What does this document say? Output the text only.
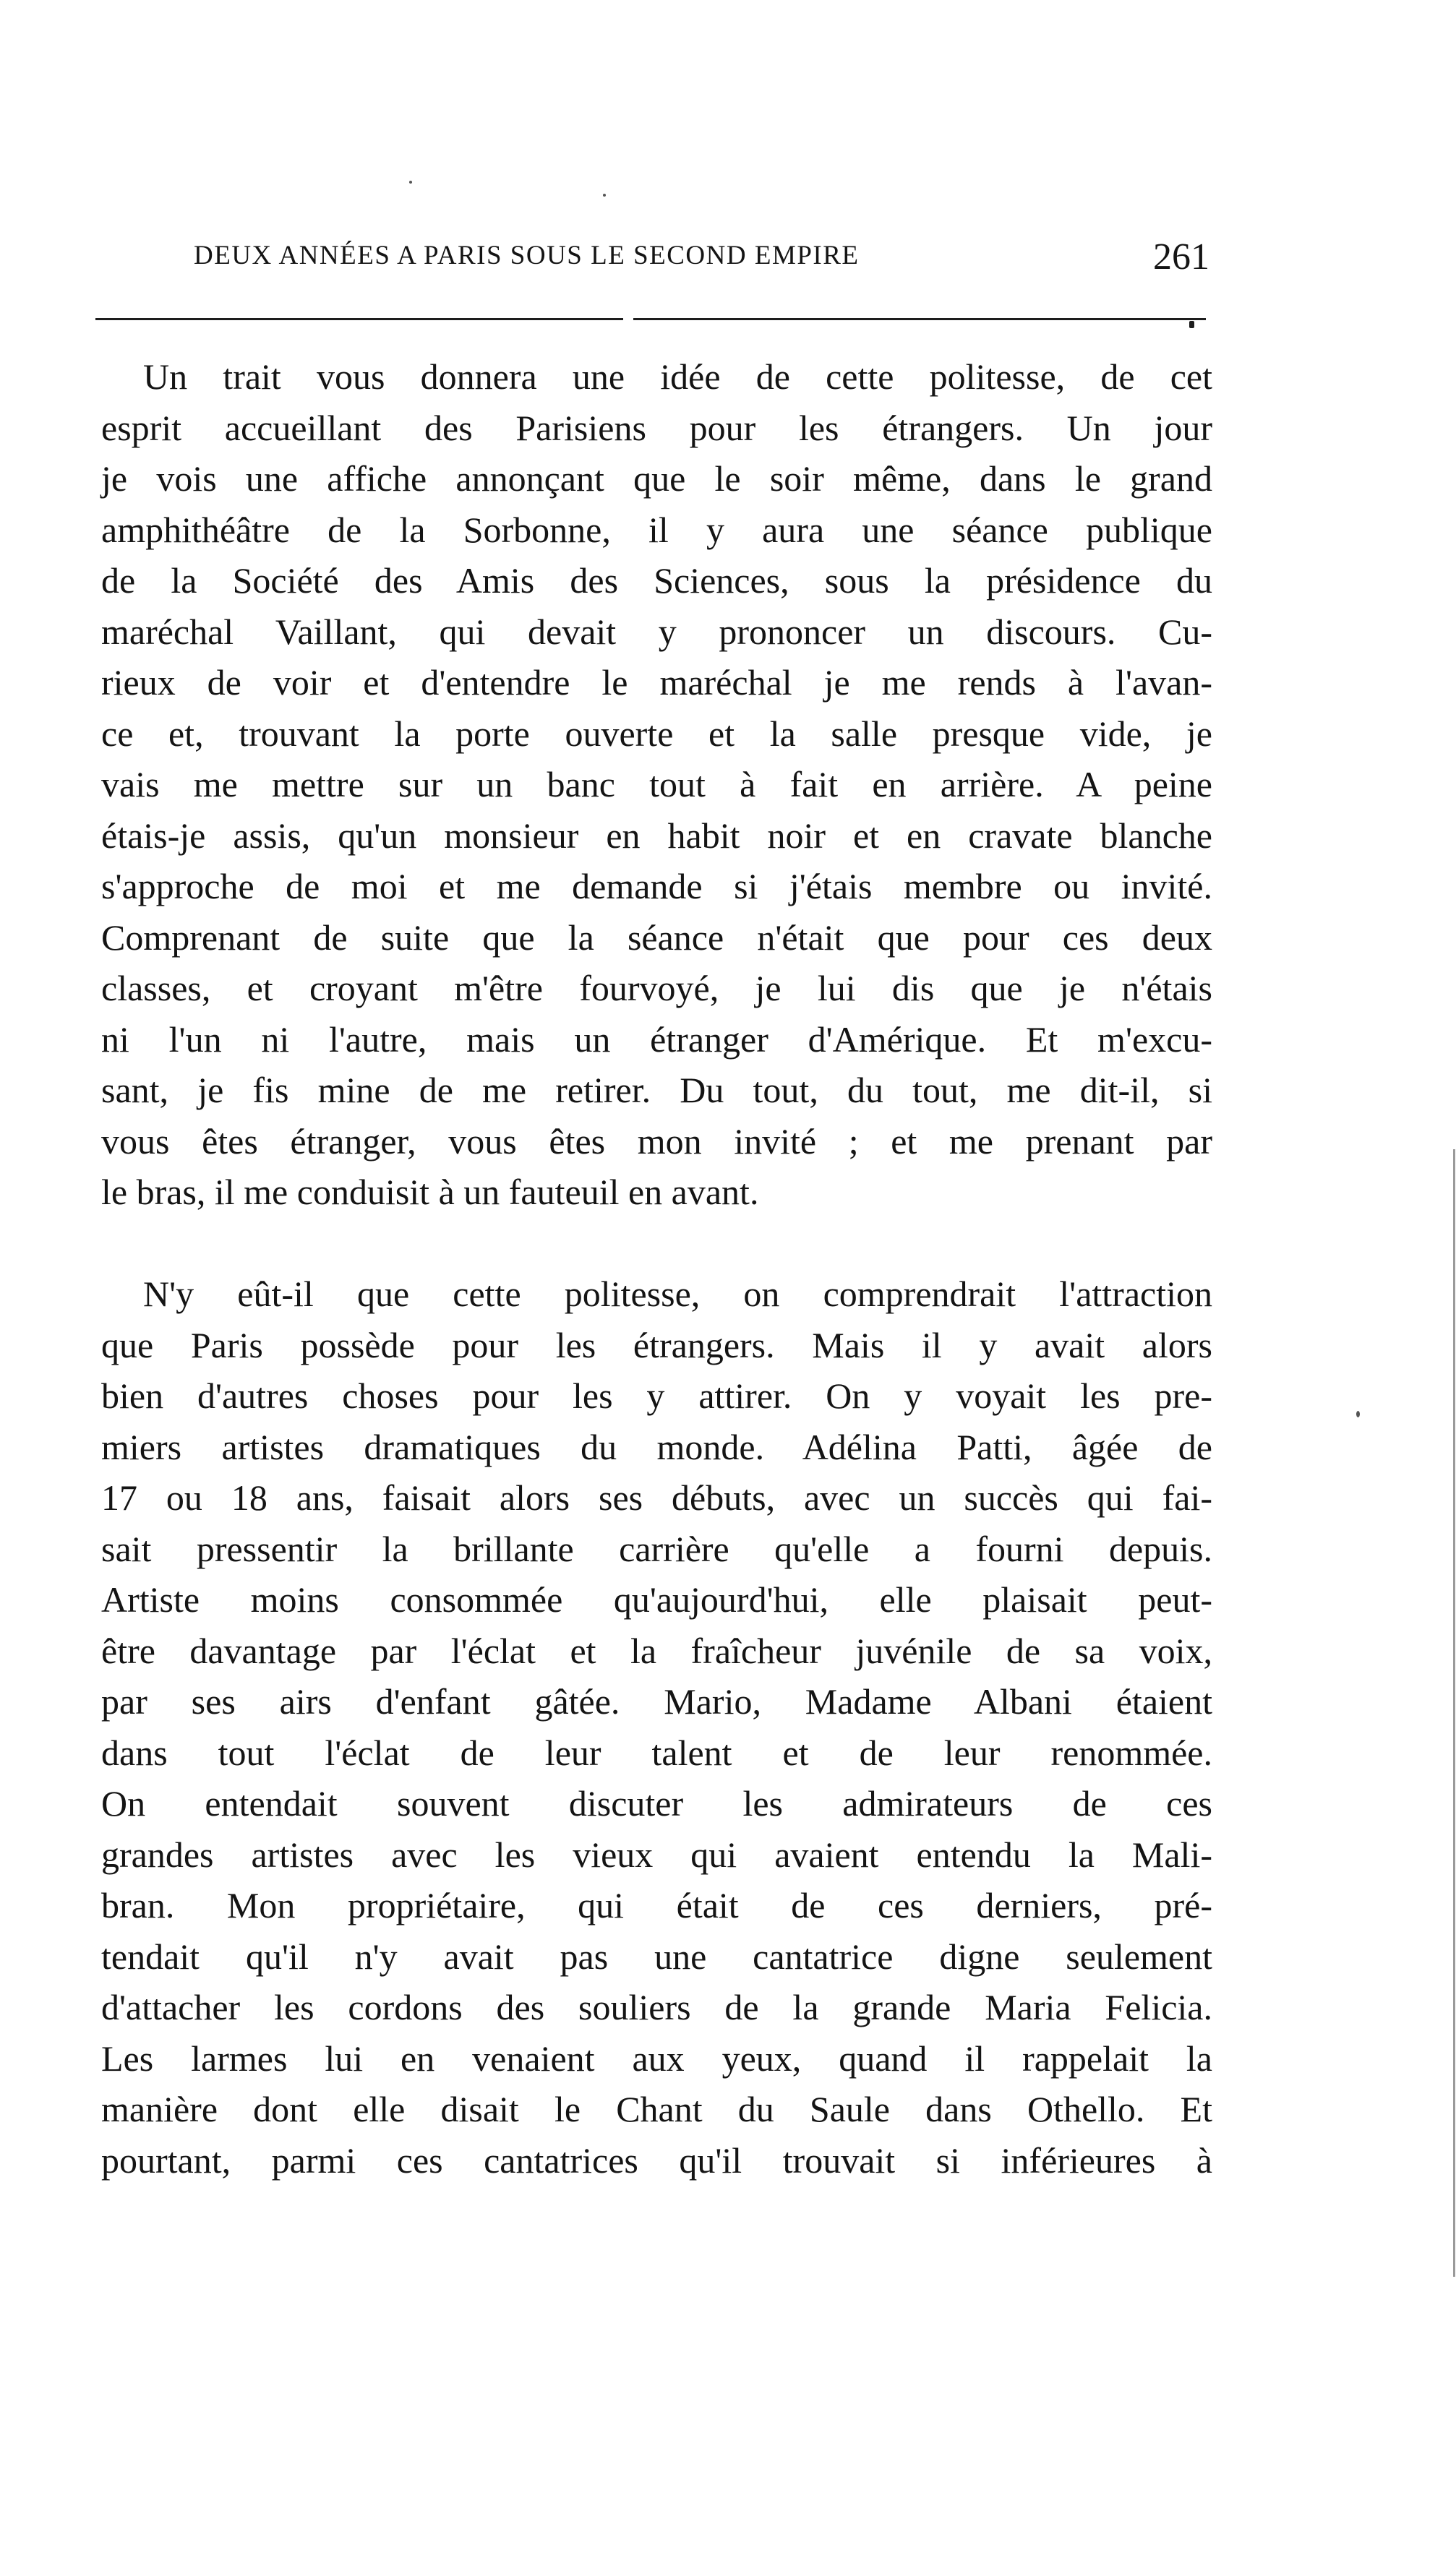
DEUX ANNÉES A PARIS SOUS LE SECOND EMPIRE	261
Un trait vous donnera une idée de cette politesse, de cet
esprit accueillant des Parisiens pour les étrangers. Un jour
je vois une affiche annonçant que le soir même, dans le grand
amphithéâtre de la Sorbonne, il y aura une séance publique
de la Société des Amis des Sciences, sous la présidence du
maréchal Vaillant, qui devait y prononcer un discours. Cu-
rieux de voir et d'entendre le maréchal je me rends à l'avan-
ce et, trouvant la porte ouverte et la salle presque vide, je
vais me mettre sur un banc tout à fait en arrière. A peine
étais-je assis, qu'un monsieur en habit noir et en cravate blanche
s'approche de moi et me demande si j'étais membre ou invité.
Comprenant de suite que la séance n'était que pour ces deux
classes, et croyant m'être fourvoyé, je lui dis que je n'étais
ni l'un ni l'autre, mais un étranger d'Amérique. Et m'excu-
sant, je fis mine de me retirer. Du tout, du tout, me dit-il, si
vous êtes étranger, vous êtes mon invité ; et me prenant par
le bras, il me conduisit à un fauteuil en avant.
N'y eût-il que cette politesse, on comprendrait l'attraction
que Paris possède pour les étrangers. Mais il y avait alors
bien d'autres choses pour les y attirer. On y voyait les pre-
miers artistes dramatiques du monde. Adélina Patti, âgée de
17 ou 18 ans, faisait alors ses débuts, avec un succès qui fai-
sait pressentir la brillante carrière qu'elle a fourni depuis.
Artiste moins consommée qu'aujourd'hui, elle plaisait peut-
être davantage par l'éclat et la fraîcheur juvénile de sa voix,
par ses airs d'enfant gâtée. Mario, Madame Albani étaient
dans tout l'éclat de leur talent et de leur renommée.
On entendait souvent discuter les admirateurs de ces
grandes artistes avec les vieux qui avaient entendu la Mali-
bran. Mon propriétaire, qui était de ces derniers, pré-
tendait qu'il n'y avait pas une cantatrice digne seulement
d'attacher les cordons des souliers de la grande Maria Felicia.
Les larmes lui en venaient aux yeux, quand il rappelait la
manière dont elle disait le Chant du Saule dans Othello. Et
pourtant, parmi ces cantatrices qu'il trouvait si inférieures à
